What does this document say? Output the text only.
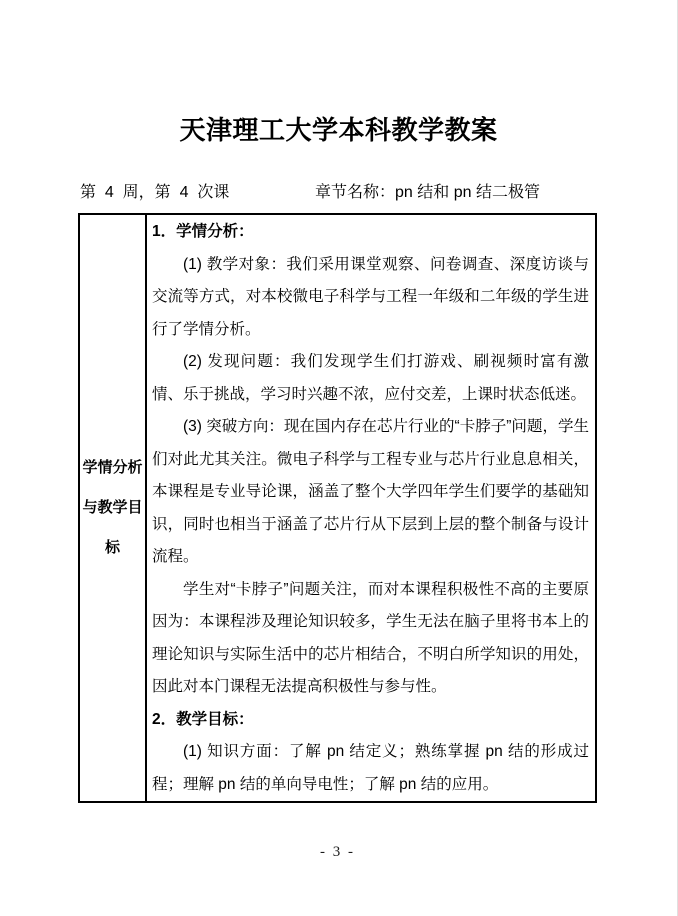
天津理工大学本科教学教案
第  4  周，第  4  次课	章节名称：pn 结和 pn 结二极管
学情分析
与教学目
标

1．学情分析：

(1) 教学对象：我们采用课堂观察、问卷调查、深度访谈与交流等方式，对本校微电子科学与工程一年级和二年级的学生进行了学情分析。

(2) 发现问题：我们发现学生们打游戏、刷视频时富有激情、乐于挑战，学习时兴趣不浓，应付交差，上课时状态低迷。

(3) 突破方向：现在国内存在芯片行业的“卡脖子”问题，学生们对此尤其关注。微电子科学与工程专业与芯片行业息息相关，本课程是专业导论课，涵盖了整个大学四年学生们要学的基础知识，同时也相当于涵盖了芯片行从下层到上层的整个制备与设计流程。

学生对“卡脖子”问题关注，而对本课程积极性不高的主要原因为：本课程涉及理论知识较多，学生无法在脑子里将书本上的理论知识与实际生活中的芯片相结合，不明白所学知识的用处，因此对本门课程无法提高积极性与参与性。

2．教学目标：

(1) 知识方面：了解 pn 结定义；熟练掌握 pn 结的形成过程；理解 pn 结的单向导电性；了解 pn 结的应用。

- 3 -
